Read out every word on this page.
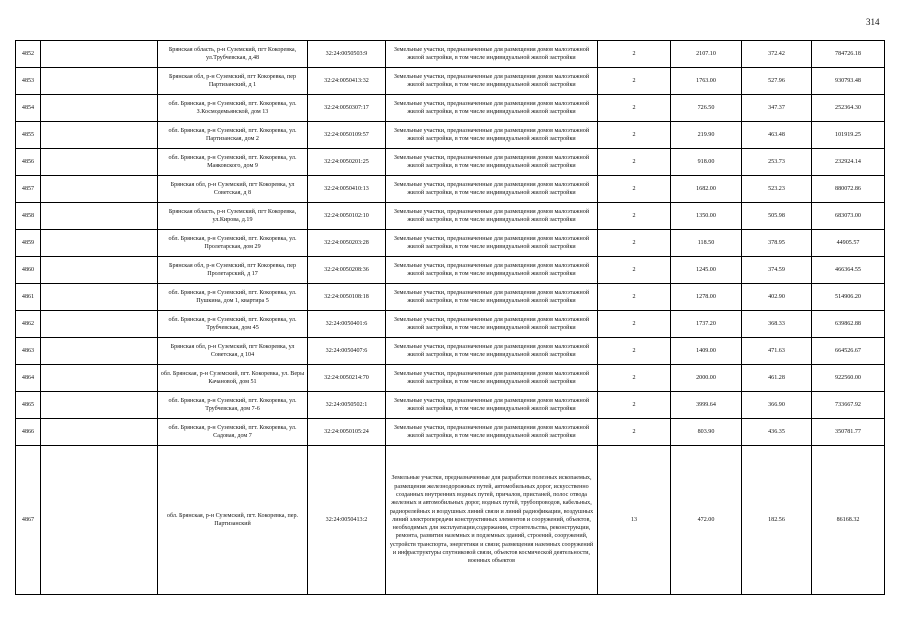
314
4852		Брянская область, р-н Суземский, пгт Кокоревка, ул.Трубчевская, д.48	32:24:0050503:9	Земельные участки, предназначенные для размещения домов малоэтажной жилой застройки, в том числе индивидуальной жилой застройки	2	2107.10	372.42	784726.18
4853		Брянская обл, р-н Суземский, пгт Кокоревка, пер Партизанский, д 1	32:24:0050413:32	Земельные участки, предназначенные для размещения домов малоэтажной жилой застройки, в том числе индивидуальной жилой застройки	2	1763.00	527.96	930793.48
4854		обл. Брянская, р-н Суземский, пгт. Кокоревка, ул. З.Космодемьянской, дом 13	32:24:0050307:17	Земельные участки, предназначенные для размещения домов малоэтажной жилой застройки, в том числе индивидуальной жилой застройки	2	726.50	347.37	252364.30
4855		обл. Брянская, р-н Суземский, пгт. Кокоревка, ул. Партизанская, дом 2	32:24:0050109:57	Земельные участки, предназначенные для размещения домов малоэтажной жилой застройки, в том числе индивидуальной жилой застройки	2	219.90	463.48	101919.25
4856		обл. Брянская, р-н Суземский, пгт. Кокоревка, ул. Маяковского, дом 9	32:24:0050201:25	Земельные участки, предназначенные для размещения домов малоэтажной жилой застройки, в том числе индивидуальной жилой застройки	2	918.00	253.73	232924.14
4857		Брянская обл, р-н Суземский, пгт Кокоревка, ул Советская, д 8	32:24:0050410:13	Земельные участки, предназначенные для размещения домов малоэтажной жилой застройки, в том числе индивидуальной жилой застройки	2	1682.00	523.23	880072.86
4858		Брянская область, р-н Суземский, пгт Кокоревка, ул.Кирова, д.19	32:24:0050102:10	Земельные участки, предназначенные для размещения домов малоэтажной жилой застройки, в том числе индивидуальной жилой застройки	2	1350.00	505.98	683073.00
4859		обл. Брянская, р-н Суземский, пгт. Кокоревка, ул. Пролетарская, дом 29	32:24:0050203:28	Земельные участки, предназначенные для размещения домов малоэтажной жилой застройки, в том числе индивидуальной жилой застройки	2	118.50	378.95	44905.57
4860		Брянская обл, р-н Суземский, пгт Кокоревка, пер Пролетарский, д 17	32:24:0050208:36	Земельные участки, предназначенные для размещения домов малоэтажной жилой застройки, в том числе индивидуальной жилой застройки	2	1245.00	374.59	466364.55
4861		обл. Брянская, р-н Суземский, пгт. Кокоревка, ул. Пушкина, дом 1, квартира 5	32:24:0050108:18	Земельные участки, предназначенные для размещения домов малоэтажной жилой застройки, в том числе индивидуальной жилой застройки	2	1278.00	402.90	514906.20
4862		обл. Брянская, р-н Суземский, пгт. Кокоревка, ул. Трубчевская, дом 45	32:24:0050401:6	Земельные участки, предназначенные для размещения домов малоэтажной жилой застройки, в том числе индивидуальной жилой застройки	2	1737.20	368.33	639862.88
4863		Брянская обл, р-н Суземский, пгт Кокоревка, ул Советская, д 104	32:24:0050407:6	Земельные участки, предназначенные для размещения домов малоэтажной жилой застройки, в том числе индивидуальной жилой застройки	2	1409.00	471.63	664526.67
4864		обл. Брянская, р-н Суземский, пгт. Кокоревка, ул. Веры Качановой, дом 51	32:24:0050214:70	Земельные участки, предназначенные для размещения домов малоэтажной жилой застройки, в том числе индивидуальной жилой застройки	2	2000.00	461.28	922560.00
4865		обл. Брянская, р-н Суземский, пгт. Кокоревка, ул. Трубчевская, дом 7-6	32:24:0050502:1	Земельные участки, предназначенные для размещения домов малоэтажной жилой застройки, в том числе индивидуальной жилой застройки	2	3999.64	366.90	733667.92
4866		обл. Брянская, р-н Суземский, пгт. Кокоревка, ул. Садовая, дом 7	32:24:0050105:24	Земельные участки, предназначенные для размещения домов малоэтажной жилой застройки, в том числе индивидуальной жилой застройки	2	803.90	436.35	350781.77
4867		обл. Брянская, р-н Суземский, пгт. Кокоревка, пер. Партизанский	32:24:0050413:2	Земельные участки, предназначенные для разработки полезных ископаемых, размещения железнодорожных путей, автомобильных дорог, искусственно созданных внутренних водных путей, причалов, пристаней, полос отвода железных и автомобильных дорог, водных путей, трубопроводов, кабельных, радиорелейных и воздушных линий связи и линий радиофикации, воздушных линий электропередачи конструктивных элементов и сооружений, объектов, необходимых для эксплуатации,содержания, строительства, реконструкции, ремонта, развития наземных и подземных зданий, строений, сооружений, устройств транспорта, энергетики и связи; размещения наземных сооружений и инфраструктуры спутниковой связи, объектов космической деятельности, военных объектов	13	472.00	182.56	86168.32
